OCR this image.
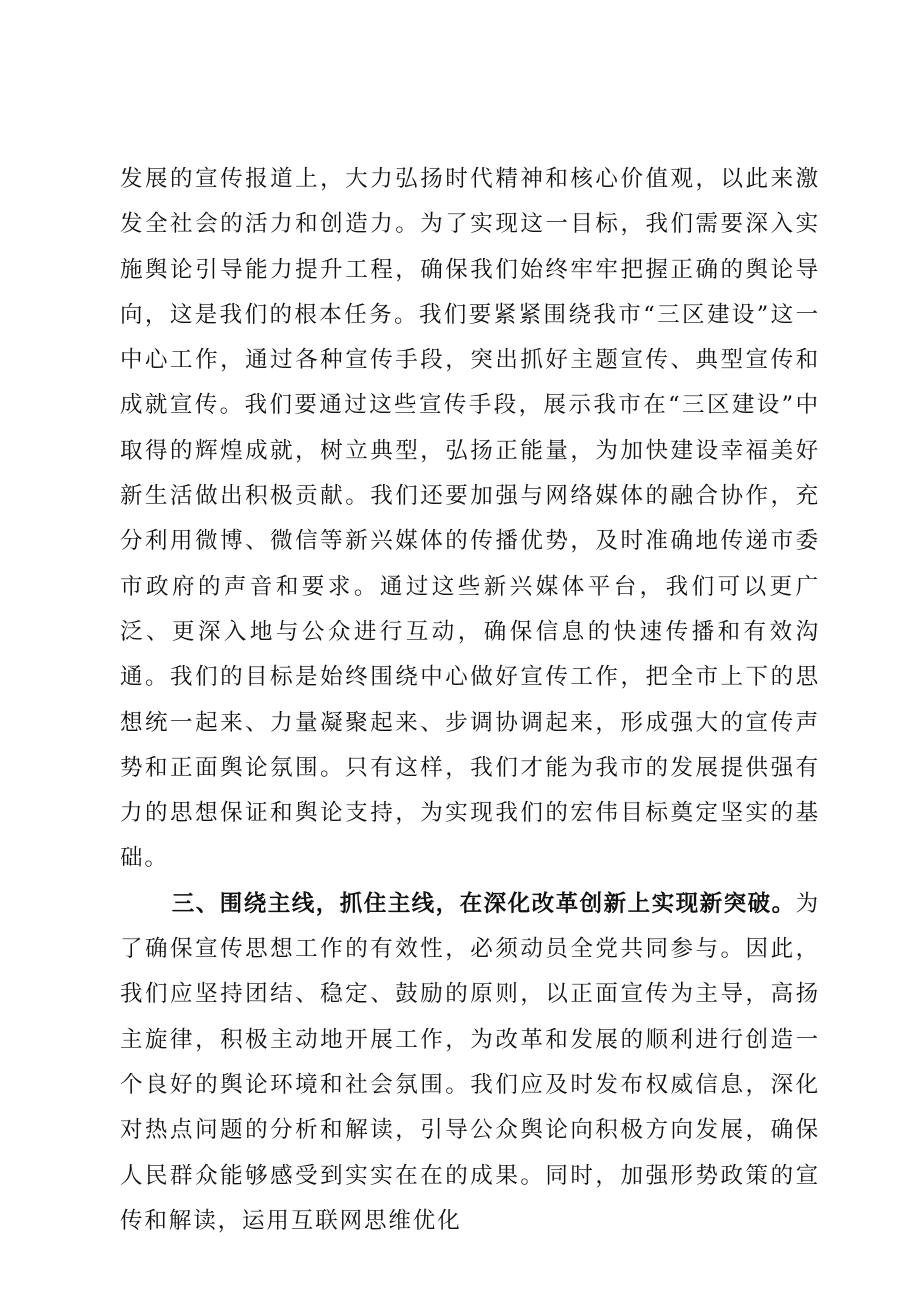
发展的宣传报道上，大力弘扬时代精神和核心价值观，以此来激发全社会的活力和创造力。为了实现这一目标，我们需要深入实施舆论引导能力提升工程，确保我们始终牢牢把握正确的舆论导向，这是我们的根本任务。我们要紧紧围绕我市“三区建设”这一中心工作，通过各种宣传手段，突出抓好主题宣传、典型宣传和成就宣传。我们要通过这些宣传手段，展示我市在“三区建设”中取得的辉煌成就，树立典型，弘扬正能量，为加快建设幸福美好新生活做出积极贡献。我们还要加强与网络媒体的融合协作，充分利用微博、微信等新兴媒体的传播优势，及时准确地传递市委市政府的声音和要求。通过这些新兴媒体平台，我们可以更广泛、更深入地与公众进行互动，确保信息的快速传播和有效沟通。我们的目标是始终围绕中心做好宣传工作，把全市上下的思想统一起来、力量凝聚起来、步调协调起来，形成强大的宣传声势和正面舆论氛围。只有这样，我们才能为我市的发展提供强有力的思想保证和舆论支持，为实现我们的宏伟目标奠定坚实的基础。

三、围绕主线，抓住主线，在深化改革创新上实现新突破。为了确保宣传思想工作的有效性，必须动员全党共同参与。因此，我们应坚持团结、稳定、鼓励的原则，以正面宣传为主导，高扬主旋律，积极主动地开展工作，为改革和发展的顺利进行创造一个良好的舆论环境和社会氛围。我们应及时发布权威信息，深化对热点问题的分析和解读，引导公众舆论向积极方向发展，确保人民群众能够感受到实实在在的成果。同时，加强形势政策的宣传和解读，运用互联网思维优化
